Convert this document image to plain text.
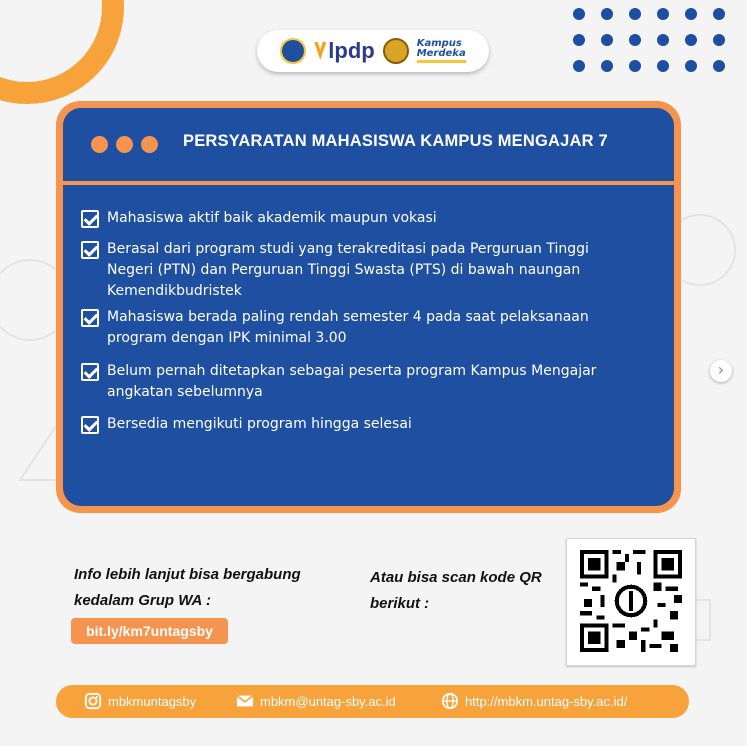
lpdp	Kampus
Merdeka
PERSYARATAN MAHASISWA KAMPUS MENGAJAR 7
Mahasiswa aktif baik akademik maupun vokasi
Berasal dari program studi yang terakreditasi pada Perguruan Tinggi Negeri (PTN) dan Perguruan Tinggi Swasta (PTS) di bawah naungan Kemendikbudristek
Mahasiswa berada paling rendah semester 4 pada saat pelaksanaan program dengan IPK minimal 3.00
Belum pernah ditetapkan sebagai peserta program Kampus Mengajar angkatan sebelumnya
Bersedia mengikuti program hingga selesai
›
Info lebih lanjut bisa bergabung kedalam Grup WA :
bit.ly/km7untagsby
Atau bisa scan kode QR berikut :
mbkmuntagsby	mbkm@untag-sby.ac.id	http://mbkm.untag-sby.ac.id/
